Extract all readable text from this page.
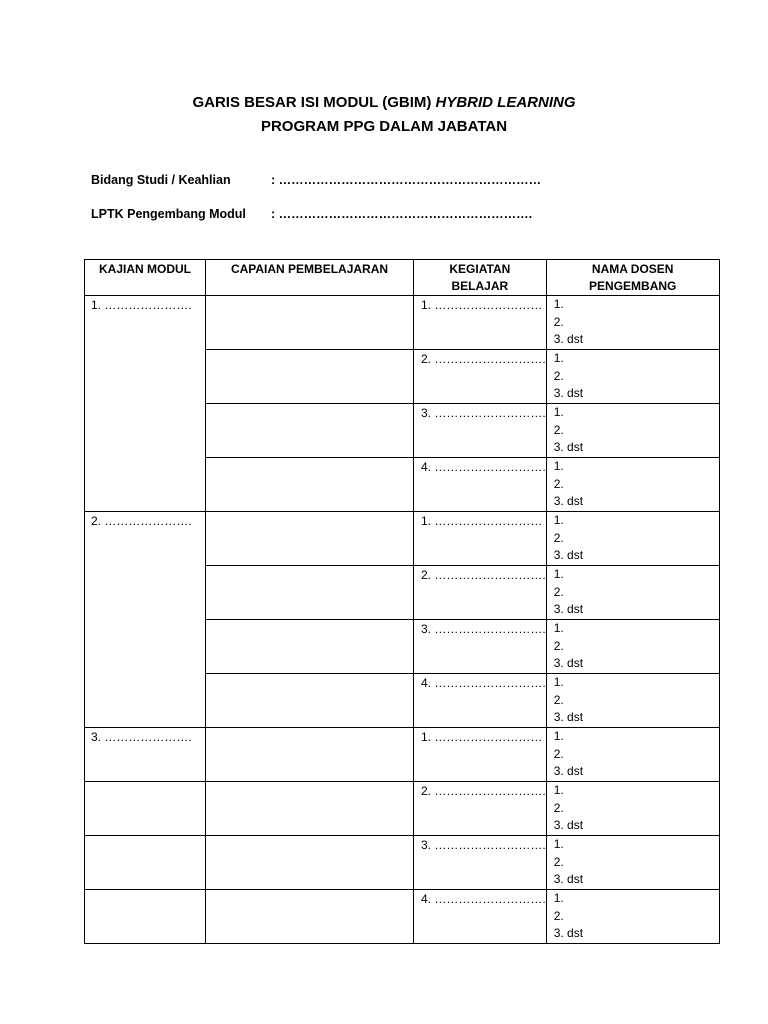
GARIS BESAR ISI MODUL (GBIM) HYBRID LEARNING
PROGRAM PPG DALAM JABATAN
Bidang Studi / Keahlian	: ………………………………………………………
LPTK Pengembang Modul : …………………………………………………….
KAJIAN MODUL	CAPAIAN PEMBELAJARAN	KEGIATAN BELAJAR	NAMA DOSEN PENGEMBANG
1. ………………….		1. ………………………	1.
2.
3. dst

		2. ……………………….	1.
2.
3. dst

		3. ……………………….	1.
2.
3. dst

		4. ……………………….	1.
2.
3. dst

2. ………………….		1. ………………………	1.
2.
3. dst

		2. ……………………….	1.
2.
3. dst

		3. ……………………….	1.
2.
3. dst

		4. ……………………….	1.
2.
3. dst

3. ………………….		1. ………………………	1.
2.
3. dst

		2. ……………………….	1.
2.
3. dst

		3. ……………………….	1.
2.
3. dst

		4. ……………………….	1.
2.
3. dst
